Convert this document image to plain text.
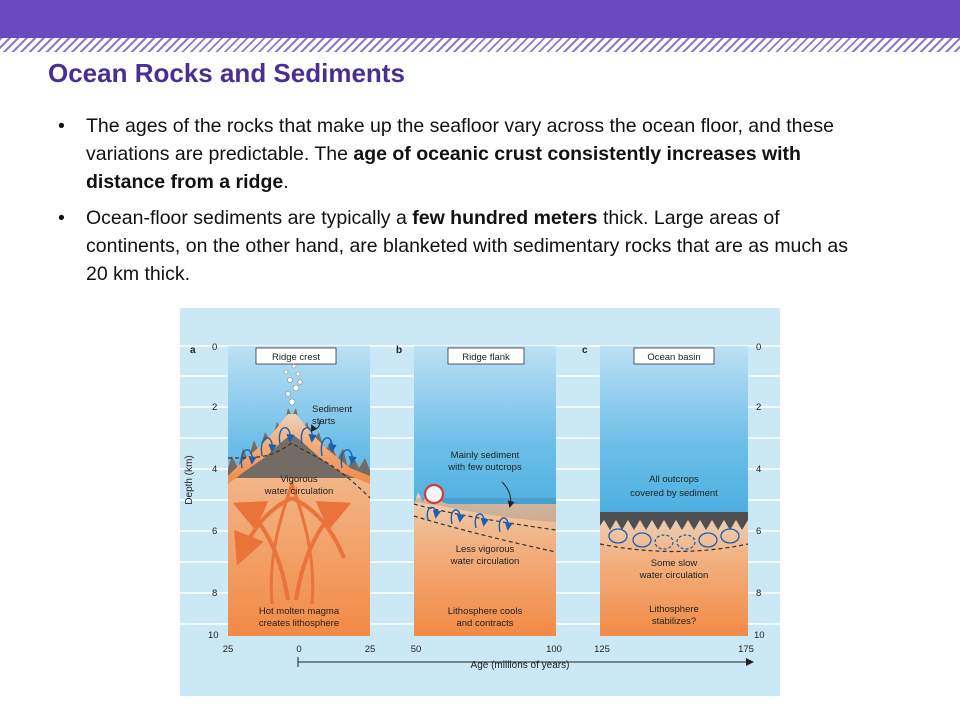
Ocean Rocks and Sediments
• The ages of the rocks that make up the seafloor vary across the ocean floor, and these variations are predictable. The age of oceanic crust consistently increases with distance from a ridge.
• Ocean-floor sediments are typically a few hundred meters thick. Large areas of continents, on the other hand, are blanketed with sedimentary rocks that are as much as 20 km thick.
a
Ridge crest
Sediment
starts
Vigorous
water circulation
Hot molten magma
creates lithosphere
b
Ridge flank
Mainly sediment
with few outcrops
Less vigorous
water circulation
Lithosphere cools
and contracts
c
Ocean basin
All outcrops
covered by sediment
Some slow
water circulation
Lithosphere
stabilizes?
Depth (km)
0
2
4
6
8
10
0
2
4
6
8
10
25	0	25	50	100	125	175
Age (millions of years)
